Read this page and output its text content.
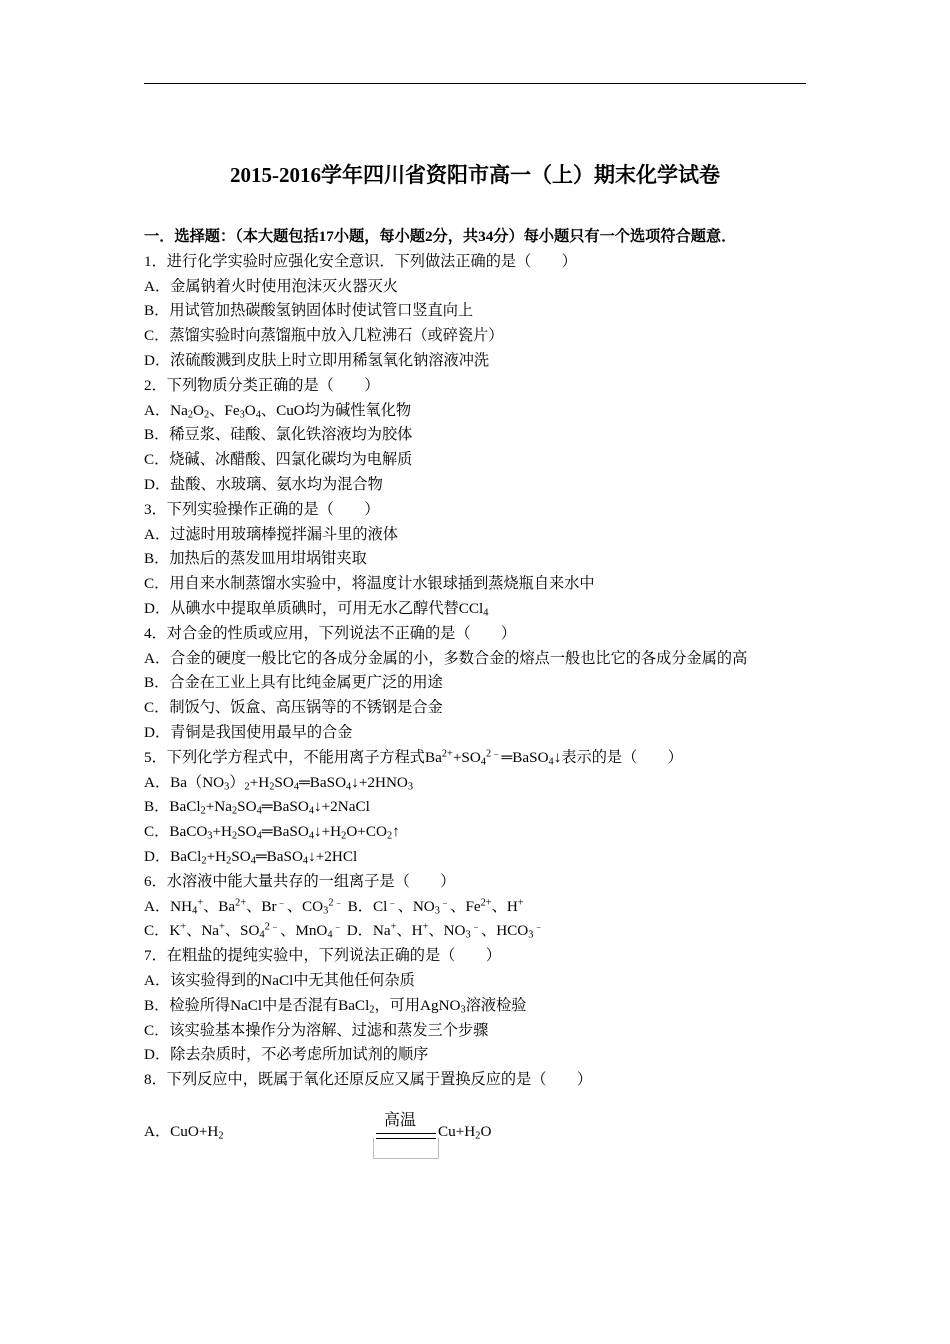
2015-2016学年四川省资阳市高一（上）期末化学试卷
一．选择题：（本大题包括17小题，每小题2分，共34分）每小题只有一个选项符合题意．
1．进行化学实验时应强化安全意识．下列做法正确的是（　　）
A．金属钠着火时使用泡沫灭火器灭火
B．用试管加热碳酸氢钠固体时使试管口竖直向上
C．蒸馏实验时向蒸馏瓶中放入几粒沸石（或碎瓷片）
D．浓硫酸溅到皮肤上时立即用稀氢氧化钠溶液冲洗
2．下列物质分类正确的是（　　）
A．$Na_2O_2$、$Fe_3O_4$、CuO均为碱性氧化物
B．稀豆浆、硅酸、氯化铁溶液均为胶体
C．烧碱、冰醋酸、四氯化碳均为电解质
D．盐酸、水玻璃、氨水均为混合物
3．下列实验操作正确的是（　　）
A．过滤时用玻璃棒搅拌漏斗里的液体
B．加热后的蒸发皿用坩埚钳夹取
C．用自来水制蒸馏水实验中，将温度计水银球插到蒸烧瓶自来水中
D．从碘水中提取单质碘时，可用无水乙醇代替CCl$_4$
4．对合金的性质或应用，下列说法不正确的是（　　）
A．合金的硬度一般比它的各成分金属的小，多数合金的熔点一般也比它的各成分金属的高
B．合金在工业上具有比纯金属更广泛的用途
C．制饭勺、饭盒、高压锅等的不锈钢是合金
D．青铜是我国使用最早的合金
5．下列化学方程式中，不能用离子方程式$Ba^{2+}+SO_4^{2﹣}═BaSO_4↓$表示的是（　　）
A．$Ba(NO_3)_2+H_2SO_4═BaSO_4↓+2HNO_3$
B．$BaCl_2+Na_2SO_4═BaSO_4↓+2NaCl$
C．$BaCO_3+H_2SO_4═BaSO_4↓+H_2O+CO_2↑$
D．$BaCl_2+H_2SO_4═BaSO_4↓+2HCl$
6．水溶液中能大量共存的一组离子是（　　）
A．$NH_4^+$、$Ba^{2+}$、Br﹣、$CO_3^{2﹣}$ B．Cl﹣、$NO_3^﹣$、$Fe^{2+}$、H+
C．K+、Na+、$SO_4^{2﹣}$、MnO$_4$﹣ D．Na+、H+、$NO_3^﹣$、$HCO_3^﹣$
7．在粗盐的提纯实验中，下列说法正确的是（　　）
A．该实验得到的NaCl中无其他任何杂质
B．检验所得NaCl中是否混有BaCl$_2$，可用AgNO$_3$溶液检验
C．该实验基本操作分为溶解、过滤和蒸发三个步骤
D．除去杂质时，不必考虑所加试剂的顺序
8．下列反应中，既属于氧化还原反应又属于置换反应的是（　　）
A．$CuO+H_2$
高温
$Cu+H_2O$
